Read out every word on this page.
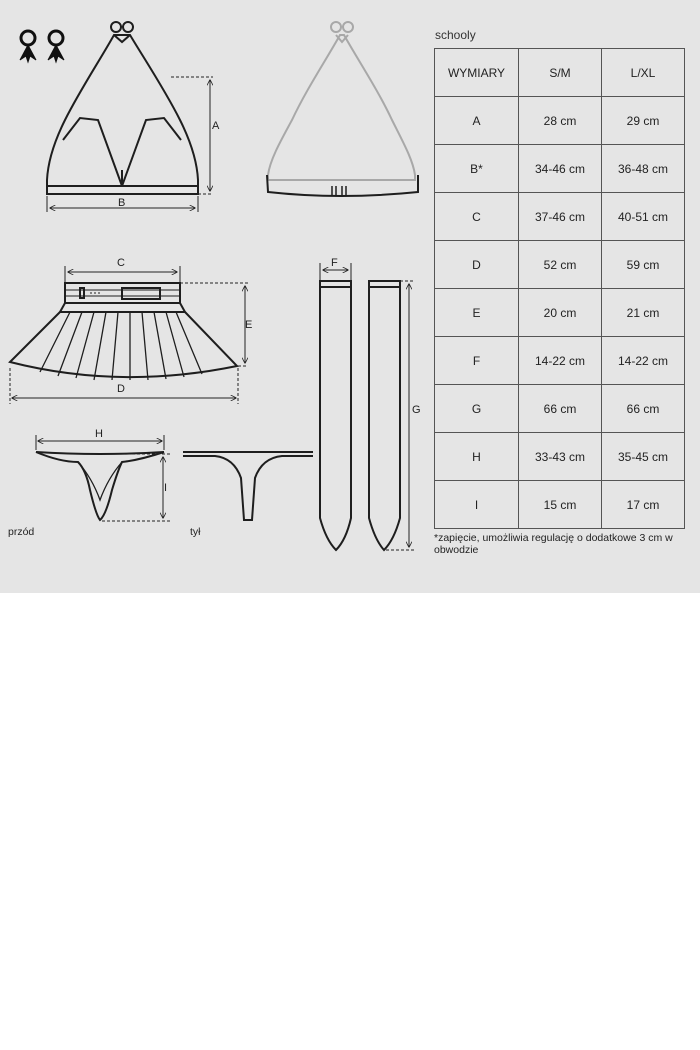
A
B
C
E
D
H
I
F
G
przód	tył
schooly
WYMIARY	S/M	L/XL
A	28 cm	29 cm
B*	34-46 cm	36-48 cm
C	37-46 cm	40-51 cm
D	52 cm	59 cm
E	20 cm	21 cm
F	14-22 cm	14-22 cm
G	66 cm	66 cm
H	33-43 cm	35-45 cm
I	15 cm	17 cm
*zapięcie, umożliwia regulację o dodatkowe 3 cm w obwodzie
